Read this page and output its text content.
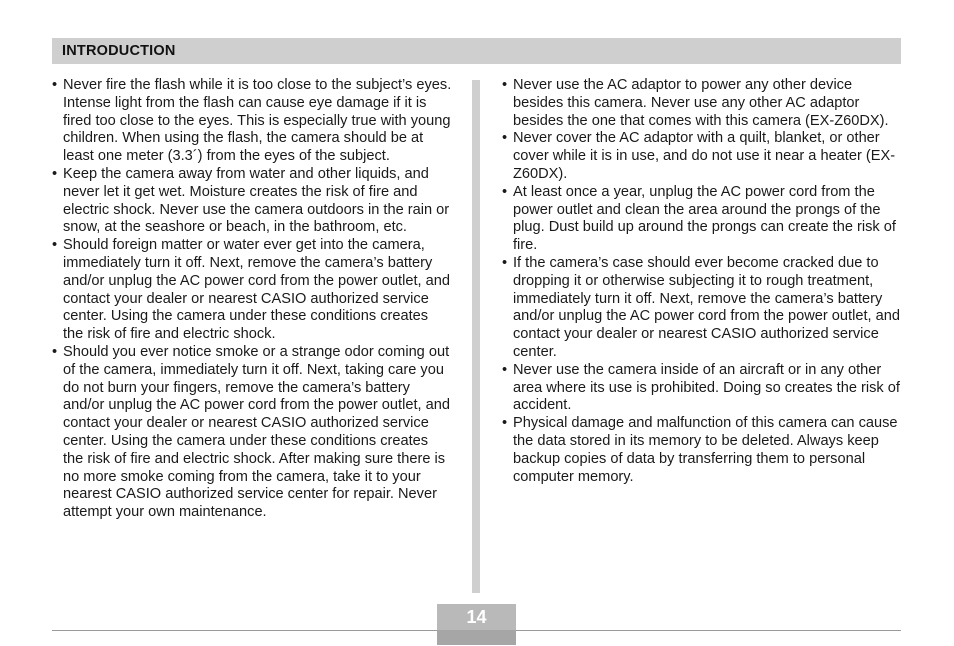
INTRODUCTION

• Never fire the flash while it is too close to the subject’s eyes. Intense light from the flash can cause eye damage if it is fired too close to the eyes. This is especially true with young children. When using the flash, the camera should be at least one meter (3.3´) from the eyes of the subject.

• Keep the camera away from water and other liquids, and never let it get wet. Moisture creates the risk of fire and electric shock. Never use the camera outdoors in the rain or snow, at the seashore or beach, in the bathroom, etc.

• Should foreign matter or water ever get into the camera, immediately turn it off. Next, remove the camera’s battery and/or unplug the AC power cord from the power outlet, and contact your dealer or nearest CASIO authorized service center. Using the camera under these conditions creates the risk of fire and electric shock.

• Should you ever notice smoke or a strange odor coming out of the camera, immediately turn it off. Next, taking care you do not burn your fingers, remove the camera’s battery and/or unplug the AC power cord from the power outlet, and contact your dealer or nearest CASIO authorized service center. Using the camera under these conditions creates the risk of fire and electric shock. After making sure there is no more smoke coming from the camera, take it to your nearest CASIO authorized service center for repair. Never attempt your own maintenance.

• Never use the AC adaptor to power any other device besides this camera. Never use any other AC adaptor besides the one that comes with this camera (EX-Z60DX).

• Never cover the AC adaptor with a quilt, blanket, or other cover while it is in use, and do not use it near a heater (EX-Z60DX).

• At least once a year, unplug the AC power cord from the power outlet and clean the area around the prongs of the plug. Dust build up around the prongs can create the risk of fire.

• If the camera’s case should ever become cracked due to dropping it or otherwise subjecting it to rough treatment, immediately turn it off. Next, remove the camera’s battery and/or unplug the AC power cord from the power outlet, and contact your dealer or nearest CASIO authorized service center.

• Never use the camera inside of an aircraft or in any other area where its use is prohibited. Doing so creates the risk of accident.

• Physical damage and malfunction of this camera can cause the data stored in its memory to be deleted. Always keep backup copies of data by transferring them to personal computer memory.

14
